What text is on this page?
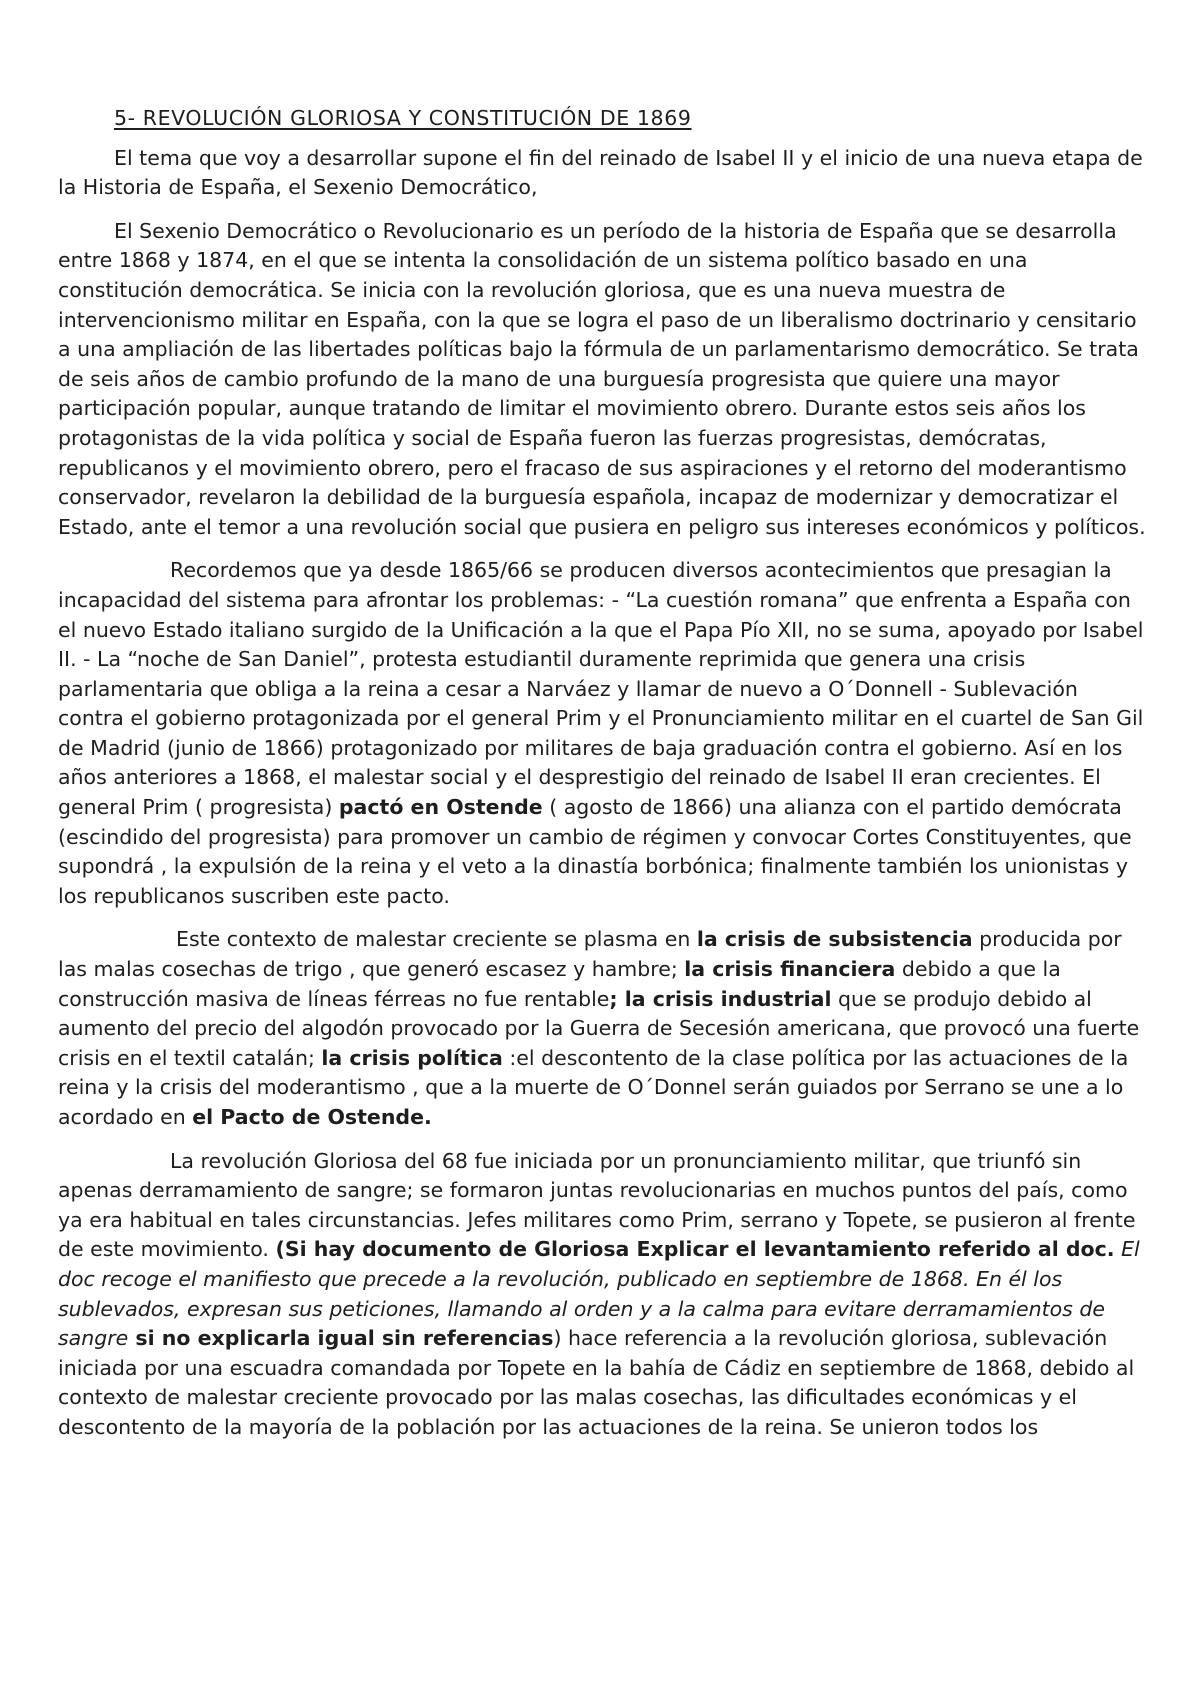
5- REVOLUCIÓN GLORIOSA Y CONSTITUCIÓN DE 1869

El tema que voy a desarrollar supone el fin del reinado de Isabel II y el inicio de una nueva etapa de la Historia de España, el Sexenio Democrático,

El Sexenio Democrático o Revolucionario es un período de la historia de España que se desarrolla entre 1868 y 1874, en el que se intenta la consolidación de un sistema político basado en una constitución democrática. Se inicia con la revolución gloriosa, que es una nueva muestra de intervencionismo militar en España, con la que se logra el paso de un liberalismo doctrinario y censitario a una ampliación de las libertades políticas bajo la fórmula de un parlamentarismo democrático. Se trata de seis años de cambio profundo de la mano de una burguesía progresista que quiere una mayor participación popular, aunque tratando de limitar el movimiento obrero. Durante estos seis años los protagonistas de la vida política y social de España fueron las fuerzas progresistas, demócratas, republicanos y el movimiento obrero, pero el fracaso de sus aspiraciones y el retorno del moderantismo conservador, revelaron la debilidad de la burguesía española, incapaz de modernizar y democratizar el Estado, ante el temor a una revolución social que pusiera en peligro sus intereses económicos y políticos.

Recordemos que ya desde 1865/66 se producen diversos acontecimientos que presagian la incapacidad del sistema para afrontar los problemas: - “La cuestión romana” que enfrenta a España con el nuevo Estado italiano surgido de la Unificación a la que el Papa Pío XII, no se suma, apoyado por Isabel II. - La “noche de San Daniel”, protesta estudiantil duramente reprimida que genera una crisis parlamentaria que obliga a la reina a cesar a Narváez y llamar de nuevo a O´Donnell - Sublevación contra el gobierno protagonizada por el general Prim y el Pronunciamiento militar en el cuartel de San Gil de Madrid (junio de 1866) protagonizado por militares de baja graduación contra el gobierno. Así en los años anteriores a 1868, el malestar social y el desprestigio del reinado de Isabel II eran crecientes. El general Prim ( progresista) pactó en Ostende ( agosto de 1866) una alianza con el partido demócrata (escindido del progresista) para promover un cambio de régimen y convocar Cortes Constituyentes, que supondrá , la expulsión de la reina y el veto a la dinastía borbónica; finalmente también los unionistas y los republicanos suscriben este pacto.

Este contexto de malestar creciente se plasma en la crisis de subsistencia producida por las malas cosechas de trigo , que generó escasez y hambre; la crisis financiera debido a que la construcción masiva de líneas férreas no fue rentable; la crisis industrial que se produjo debido al aumento del precio del algodón provocado por la Guerra de Secesión americana, que provocó una fuerte crisis en el textil catalán; la crisis política :el descontento de la clase política por las actuaciones de la reina y la crisis del moderantismo , que a la muerte de O´Donnel serán guiados por Serrano se une a lo acordado en el Pacto de Ostende.

La revolución Gloriosa del 68 fue iniciada por un pronunciamiento militar, que triunfó sin apenas derramamiento de sangre; se formaron juntas revolucionarias en muchos puntos del país, como ya era habitual en tales circunstancias. Jefes militares como Prim, serrano y Topete, se pusieron al frente de este movimiento. (Si hay documento de Gloriosa Explicar el levantamiento referido al doc. El doc recoge el manifiesto que precede a la revolución, publicado en septiembre de 1868. En él los sublevados, expresan sus peticiones, llamando al orden y a la calma para evitare derramamientos de sangre si no explicarla igual sin referencias) hace referencia a la revolución gloriosa, sublevación iniciada por una escuadra comandada por Topete en la bahía de Cádiz en septiembre de 1868, debido al contexto de malestar creciente provocado por las malas cosechas, las dificultades económicas y el descontento de la mayoría de la población por las actuaciones de la reina. Se unieron todos los
